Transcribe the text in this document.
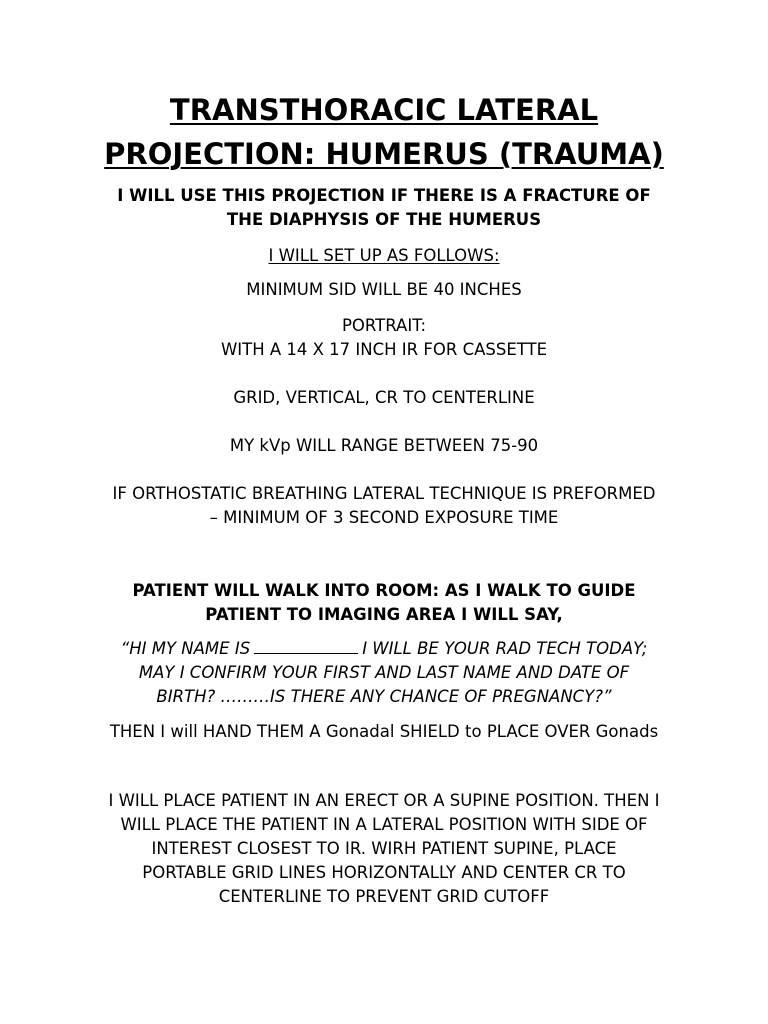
TRANSTHORACIC LATERAL
PROJECTION: HUMERUS (TRAUMA)
I WILL USE THIS PROJECTION IF THERE IS A FRACTURE OF
THE DIAPHYSIS OF THE HUMERUS
I WILL SET UP AS FOLLOWS:
MINIMUM SID WILL BE 40 INCHES
PORTRAIT:
WITH A 14 X 17 INCH IR FOR CASSETTE
GRID, VERTICAL, CR TO CENTERLINE
MY kVp WILL RANGE BETWEEN 75-90
IF ORTHOSTATIC BREATHING LATERAL TECHNIQUE IS PREFORMED
– MINIMUM OF 3 SECOND EXPOSURE TIME
PATIENT WILL WALK INTO ROOM: AS I WALK TO GUIDE
PATIENT TO IMAGING AREA I WILL SAY,
“HI MY NAME IS	I WILL BE YOUR RAD TECH TODAY;
MAY I CONFIRM YOUR FIRST AND LAST NAME AND DATE OF
BIRTH? ………IS THERE ANY CHANCE OF PREGNANCY?”
THEN I will HAND THEM A Gonadal SHIELD to PLACE OVER Gonads
I WILL PLACE PATIENT IN AN ERECT OR A SUPINE POSITION. THEN I
WILL PLACE THE PATIENT IN A LATERAL POSITION WITH SIDE OF
INTEREST CLOSEST TO IR. WIRH PATIENT SUPINE, PLACE
PORTABLE GRID LINES HORIZONTALLY AND CENTER CR TO
CENTERLINE TO PREVENT GRID CUTOFF
